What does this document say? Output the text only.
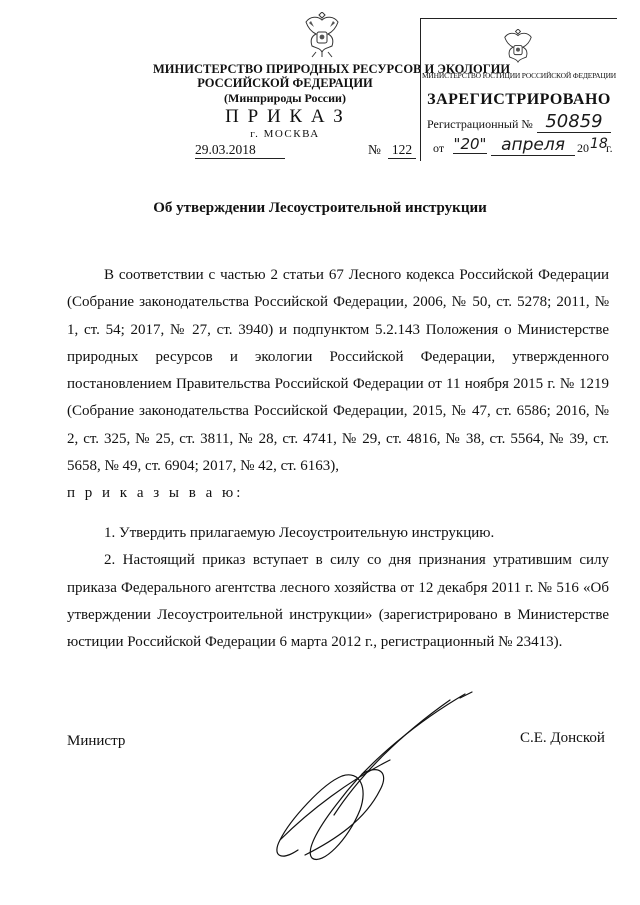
МИНИСТЕРСТВО ПРИРОДНЫХ РЕСУРСОВ И ЭКОЛОГИИ
РОССИЙСКОЙ ФЕДЕРАЦИИ
(Минприроды России)
П Р И К А З
г. МОСКВА
29.03.2018	№ 122
МИНИСТЕРСТВО ЮСТИЦИИ РОССИЙСКОЙ ФЕДЕРАЦИИ
ЗАРЕГИСТРИРОВАНО
Регистрационный № 50859
от "20" апреля	20 18
г.
Об утверждении Лесоустроительной инструкции

В соответствии с частью 2 статьи 67 Лесного кодекса Российской Федерации (Собрание законодательства Российской Федерации, 2006, № 50, ст. 5278; 2011, № 1, ст. 54; 2017, № 27, ст. 3940) и подпунктом 5.2.143 Положения о Министерстве природных ресурсов и экологии Российской Федерации, утвержденного постановлением Правительства Российской Федерации от 11 ноября 2015 г. № 1219 (Собрание законодательства Российской Федерации, 2015, № 47, ст. 6586; 2016, № 2, ст. 325, № 25, ст. 3811, № 28, ст. 4741, № 29, ст. 4816, № 38, ст. 5564, № 39, ст. 5658, № 49, ст. 6904; 2017, № 42, ст. 6163),

п р и к а з ы в а ю:

1. Утвердить прилагаемую Лесоустроительную инструкцию.

2. Настоящий приказ вступает в силу со дня признания утратившим силу приказа Федерального агентства лесного хозяйства от 12 декабря 2011 г. № 516 «Об утверждении Лесоустроительной инструкции» (зарегистрировано в Министерстве юстиции Российской Федерации 6 марта 2012 г., регистрационный № 23413).

Министр	С.Е. Донской
